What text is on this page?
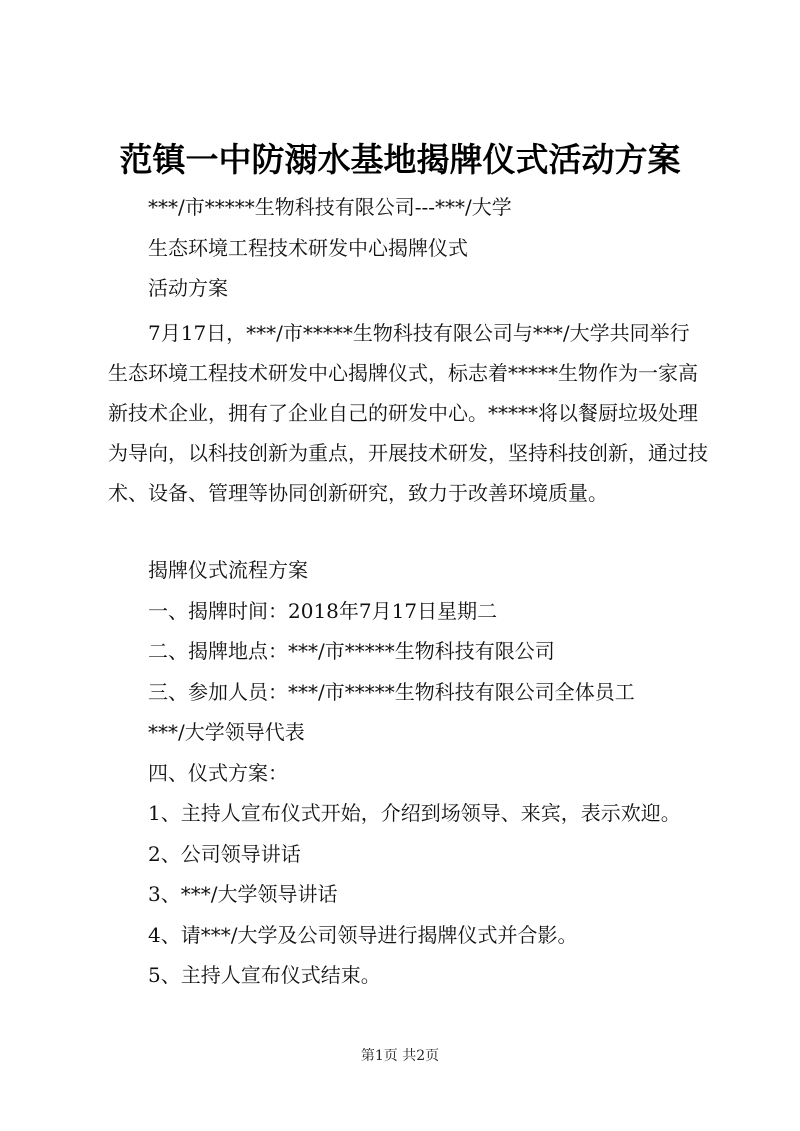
范镇一中防溺水基地揭牌仪式活动方案
***/市*****生物科技有限公司---***/大学
生态环境工程技术研发中心揭牌仪式
活动方案
7月17日，***/市*****生物科技有限公司与***/大学共同举行生态环境工程技术研发中心揭牌仪式，标志着*****生物作为一家高新技术企业，拥有了企业自己的研发中心。*****将以餐厨垃圾处理为导向，以科技创新为重点，开展技术研发，坚持科技创新，通过技术、设备、管理等协同创新研究，致力于改善环境质量。
揭牌仪式流程方案
一、揭牌时间：2018年7月17日星期二
二、揭牌地点：***/市*****生物科技有限公司
三、参加人员：***/市*****生物科技有限公司全体员工
***/大学领导代表
四、仪式方案：
1、主持人宣布仪式开始，介绍到场领导、来宾，表示欢迎。
2、公司领导讲话
3、***/大学领导讲话
4、请***/大学及公司领导进行揭牌仪式并合影。
5、主持人宣布仪式结束。
第1页 共2页
